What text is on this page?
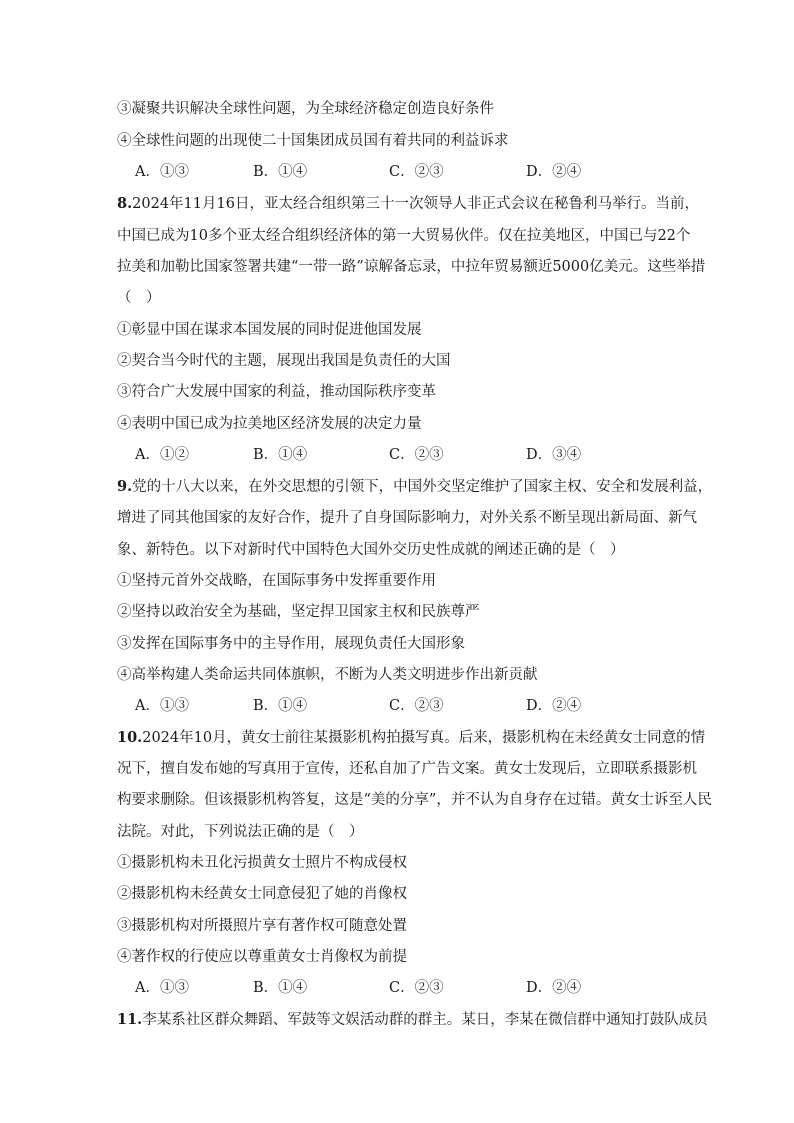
③凝聚共识解决全球性问题，为全球经济稳定创造良好条件
④全球性问题的出现使二十国集团成员国有着共同的利益诉求
A．①③	B．①④	C．②③	D．②④
8.2024年11月16日，亚太经合组织第三十一次领导人非正式会议在秘鲁利马举行。当前，
中国已成为10多个亚太经合组织经济体的第一大贸易伙伴。仅在拉美地区，中国已与22个
拉美和加勒比国家签署共建“一带一路”谅解备忘录，中拉年贸易额近5000亿美元。这些举措
（　）
①彰显中国在谋求本国发展的同时促进他国发展
②契合当今时代的主题，展现出我国是负责任的大国
③符合广大发展中国家的利益，推动国际秩序变革
④表明中国已成为拉美地区经济发展的决定力量
A．①②	B．①④	C．②③	D．③④
9.党的十八大以来，在外交思想的引领下，中国外交坚定维护了国家主权、安全和发展利益，
增进了同其他国家的友好合作，提升了自身国际影响力，对外关系不断呈现出新局面、新气
象、新特色。以下对新时代中国特色大国外交历史性成就的阐述正确的是（　）
①坚持元首外交战略，在国际事务中发挥重要作用
②坚持以政治安全为基础，坚定捍卫国家主权和民族尊严
③发挥在国际事务中的主导作用，展现负责任大国形象
④高举构建人类命运共同体旗帜，不断为人类文明进步作出新贡献
A．①③	B．①④	C．②③	D．②④
10.2024年10月，黄女士前往某摄影机构拍摄写真。后来，摄影机构在未经黄女士同意的情
况下，擅自发布她的写真用于宣传，还私自加了广告文案。黄女士发现后，立即联系摄影机
构要求删除。但该摄影机构答复，这是“美的分享”，并不认为自身存在过错。黄女士诉至人民
法院。对此，下列说法正确的是（　）
①摄影机构未丑化污损黄女士照片不构成侵权
②摄影机构未经黄女士同意侵犯了她的肖像权
③摄影机构对所摄照片享有著作权可随意处置
④著作权的行使应以尊重黄女士肖像权为前提
A．①③	B．①④	C．②③	D．②④
11.李某系社区群众舞蹈、军鼓等文娱活动群的群主。某日，李某在微信群中通知打鼓队成员
